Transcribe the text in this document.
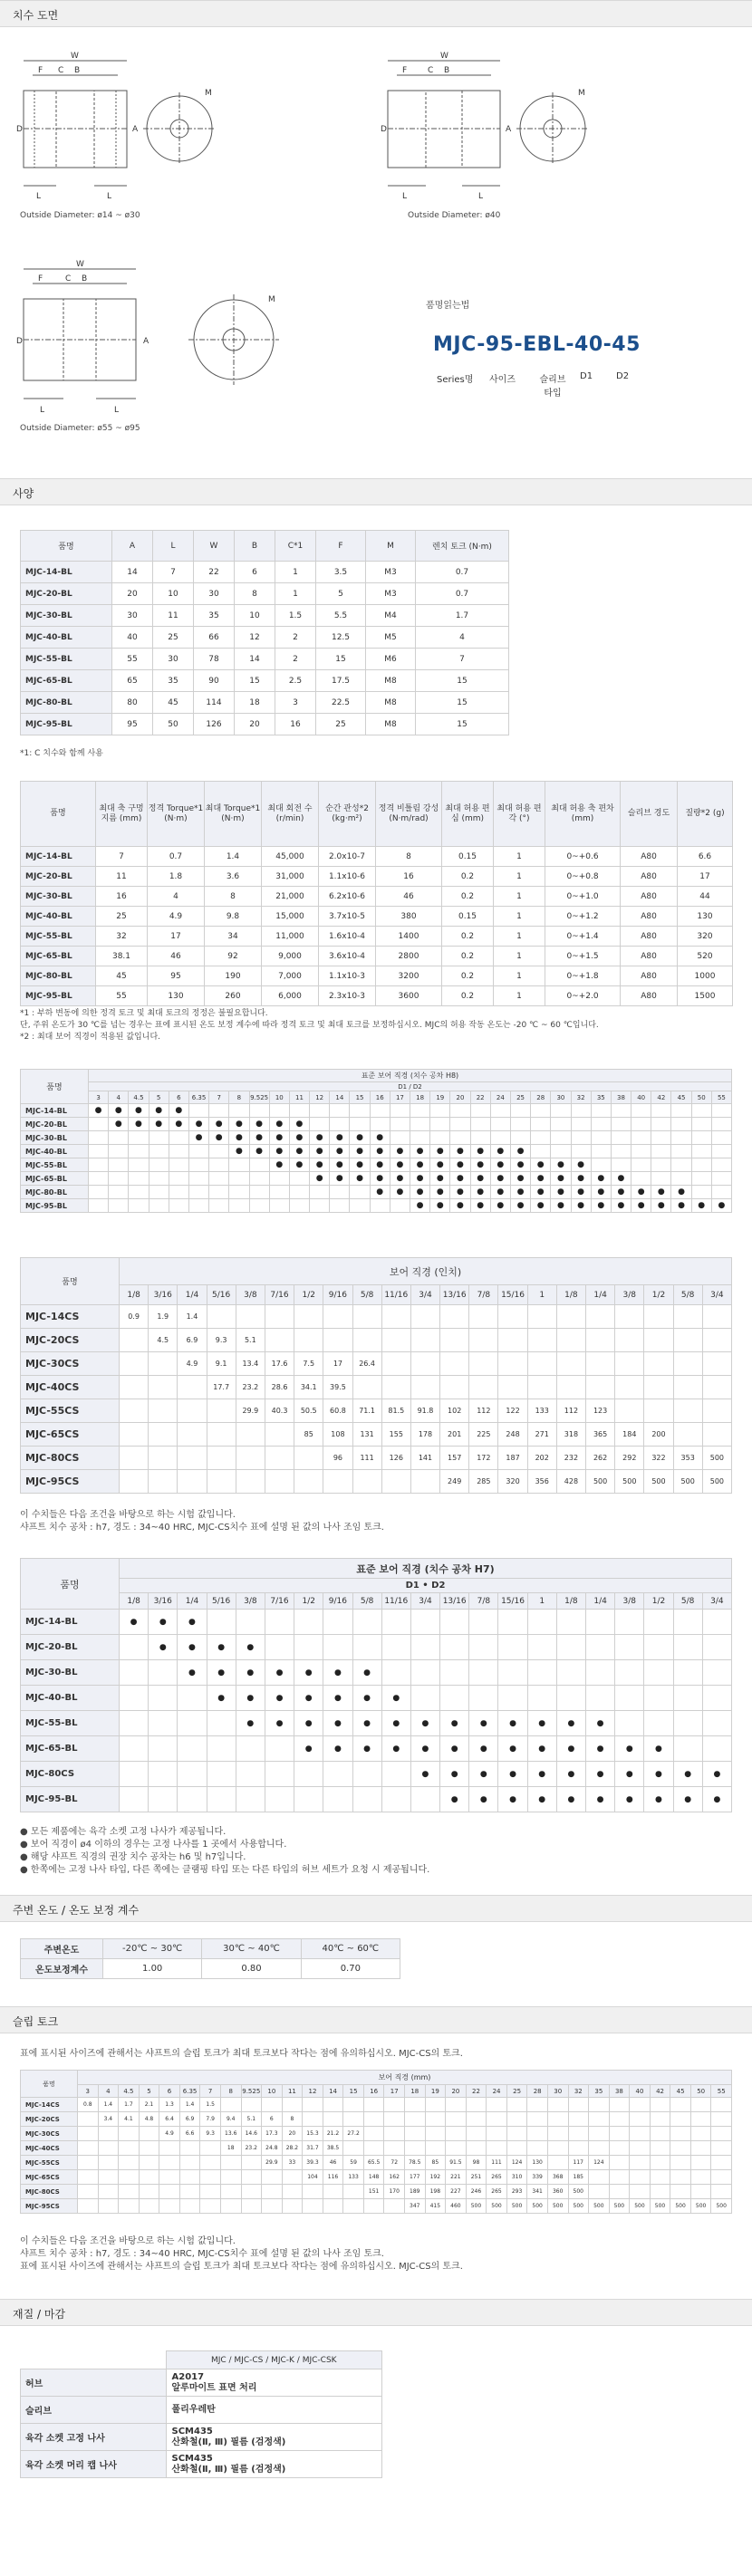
치수 도면
W
F C B
L	L
A
D
M
Outside Diameter: ø14 ~ ø30
W
F	C B
L	L
A
D
M
Outside Diameter: ø40
W
F	C B
L	L
A
D
M
Outside Diameter: ø55 ~ ø95
품명읽는법
MJC-95-EBL-40-45
Series명 사이즈	슬리브 타입
D1	D2
사양
품명	A	L	W	B	C*1	F	M	렌치 토크 (N·m)
MJC-14-BL	14	7	22	6	1	3.5	M3	0.7
MJC-20-BL	20	10	30	8	1	5	M3	0.7
MJC-30-BL	30	11	35	10	1.5	5.5	M4	1.7
MJC-40-BL	40	25	66	12	2	12.5	M5	4
MJC-55-BL	55	30	78	14	2	15	M6	7
MJC-65-BL	65	35	90	15	2.5	17.5	M8	15
MJC-80-BL	80	45	114	18	3	22.5	M8	15
MJC-95-BL	95	50	126	20	16	25	M8	15
*1: C 치수와 함께 사용
품명	최대 축 구멍 지름 (mm)	정격 Torque*1 (N·m)	최대 Torque*1 (N·m)	최대 회전 수 (r/min)	순간 관성*2 (kg·m²)	정격 비틀림 강성 (N·m/rad)	최대 허용 편심 (mm)	최대 허용 편각 (°)	최대 허용 축 편차 (mm)	슬리브 경도	질량*2 (g)
MJC-14-BL	7	0.7	1.4	45,000	2.0x10-7	8	0.15	1	0~+0.6	A80	6.6
MJC-20-BL	11	1.8	3.6	31,000	1.1x10-6	16	0.2	1	0~+0.8	A80	17
MJC-30-BL	16	4	8	21,000	6.2x10-6	46	0.2	1	0~+1.0	A80	44
MJC-40-BL	25	4.9	9.8	15,000	3.7x10-5	380	0.15	1	0~+1.2	A80	130
MJC-55-BL	32	17	34	11,000	1.6x10-4	1400	0.2	1	0~+1.4	A80	320
MJC-65-BL	38.1	46	92	9,000	3.6x10-4	2800	0.2	1	0~+1.5	A80	520
MJC-80-BL	45	95	190	7,000	1.1x10-3	3200	0.2	1	0~+1.8	A80	1000
MJC-95-BL	55	130	260	6,000	2.3x10-3	3600	0.2	1	0~+2.0	A80	1500
*1 : 부하 변동에 의한 정격 토크 및 최대 토크의 정정은 불필요합니다.
단, 주위 온도가 30 ℃를 넘는 경우는 표에 표시된 온도 보정 계수에 따라 정격 토크 및 최대 토크를 보정하십시오. MJC의 허용 작동 온도는 -20 ℃ ~ 60 ℃입니다.
*2 : 최대 보어 직경이 적용된 값입니다.
품명	표준 보어 직경 (치수 공차 H8)																															
	D1 / D2																															
	3	4	4.5	5	6	6.35	7	8	9.525	10	11	12	14	15	16	17	18	19	20	22	24	25	28	30	32	35	38	40	42	45	50	55
MJC-14-BL	●	●	●	●	●																											
MJC-20-BL		●	●	●	●	●	●	●	●	●	●																					
MJC-30-BL						●	●	●	●	●	●	●	●	●	●																	
MJC-40-BL								●	●	●	●	●	●	●	●	●	●	●	●	●	●	●										
MJC-55-BL										●	●	●	●	●	●	●	●	●	●	●	●	●	●	●	●							
MJC-65-BL												●	●	●	●	●	●	●	●	●	●	●	●	●	●	●	●					
MJC-80-BL															●	●	●	●	●	●	●	●	●	●	●	●	●	●	●	●		
MJC-95-BL																	●	●	●	●	●	●	●	●	●	●	●	●	●	●	●	●
품명	보어 직경 (인치)																				
	1/8	3/16	1/4	5/16	3/8	7/16	1/2	9/16	5/8	11/16	3/4	13/16	7/8	15/16	1	1/8	1/4	3/8	1/2	5/8	3/4
MJC-14CS	0.9	1.9	1.4																		
MJC-20CS		4.5	6.9	9.3	5.1																
MJC-30CS			4.9	9.1	13.4	17.6	7.5	17	26.4												
MJC-40CS				17.7	23.2	28.6	34.1	39.5													
MJC-55CS					29.9	40.3	50.5	60.8	71.1	81.5	91.8	102	112	122	133	112	123				
MJC-65CS							85	108	131	155	178	201	225	248	271	318	365	184	200		
MJC-80CS								96	111	126	141	157	172	187	202	232	262	292	322	353	500
MJC-95CS												249	285	320	356	428	500	500	500	500	500
이 수치들은 다음 조건을 바탕으로 하는 시험 값입니다.
샤프트 치수 공차 : h7, 경도 : 34~40 HRC, MJC-CS치수 표에 설명 된 값의 나사 조임 토크.
품명	표준 보어 직경 (치수 공차 H7)																				
	D1 • D2																				
	1/8	3/16	1/4	5/16	3/8	7/16	1/2	9/16	5/8	11/16	3/4	13/16	7/8	15/16	1	1/8	1/4	3/8	1/2	5/8	3/4
MJC-14-BL	●	●	●																		
MJC-20-BL		●	●	●	●																
MJC-30-BL			●	●	●	●	●	●	●												
MJC-40-BL				●	●	●	●	●	●	●											
MJC-55-BL					●	●	●	●	●	●	●	●	●	●	●	●	●				
MJC-65-BL							●	●	●	●	●	●	●	●	●	●	●	●	●		
MJC-80CS											●	●	●	●	●	●	●	●	●	●	●
MJC-95-BL												●	●	●	●	●	●	●	●	●	●
● 모든 제품에는 육각 소켓 고정 나사가 제공됩니다.
● 보어 직경이 ø4 이하의 경우는 고정 나사를 1 곳에서 사용합니다.
● 해당 샤프트 직경의 권장 치수 공차는 h6 및 h7입니다.
● 한쪽에는 고정 나사 타입, 다른 쪽에는 클램핑 타입 또는 다른 타입의 허브 세트가 요청 시 제공됩니다.
주변 온도 / 온도 보정 계수
주변온도	-20℃ ~ 30℃	30℃ ~ 40℃	40℃ ~ 60℃
온도보정계수	1.00	0.80	0.70
슬립 토크
표에 표시된 사이즈에 관해서는 샤프트의 슬립 토크가 최대 토크보다 작다는 점에 유의하십시오. MJC-CS의 토크.
품명	보어 직경 (mm)																															
	3	4	4.5	5	6	6.35	7	8	9.525	10	11	12	14	15	16	17	18	19	20	22	24	25	28	30	32	35	38	40	42	45	50	55
MJC-14CS	0.8	1.4	1.7	2.1	1.3	1.4	1.5																									
MJC-20CS		3.4	4.1	4.8	6.4	6.9	7.9	9.4	5.1	6	8																					
MJC-30CS					4.9	6.6	9.3	13.6	14.6	17.3	20	15.3	21.2	27.2																		
MJC-40CS								18	23.2	24.8	28.2	31.7	38.5																			
MJC-55CS										29.9	33	39.3	46	59	65.5	72	78.5	85	91.5	98	111	124	130		117	124						
MJC-65CS												104	116	133	148	162	177	192	221	251	265	310	339	368	185							
MJC-80CS															151	170	189	198	227	246	265	293	341	360	500							
MJC-95CS																	347	415	460	500	500	500	500	500	500	500	500	500	500	500	500	500
이 수치들은 다음 조건을 바탕으로 하는 시험 값입니다.
샤프트 치수 공차 : h7, 경도 : 34~40 HRC, MJC-CS치수 표에 설명 된 값의 나사 조임 토크.
표에 표시된 사이즈에 관해서는 샤프트의 슬립 토크가 최대 토크보다 작다는 점에 유의하십시오. MJC-CS의 토크.
재질 / 마감
	MJC / MJC-CS / MJC-K / MJC-CSK
허브	A2017
알루마이트 표면 처리

슬리브	폴리우레탄

육각 소켓 고정 나사	SCM435
산화철(Ⅱ, Ⅲ) 필름 (검정색)

육각 소켓 머리 캡 나사	SCM435
산화철(Ⅱ, Ⅲ) 필름 (검정색)
